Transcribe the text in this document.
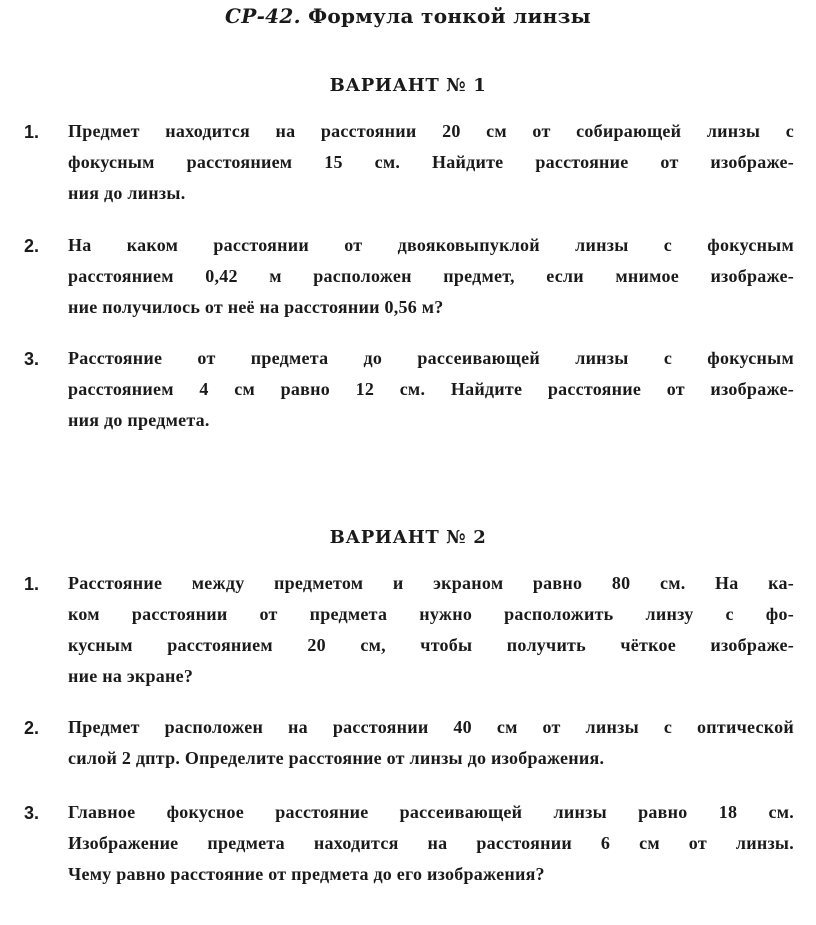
СР-42. Формула тонкой линзы
ВАРИАНТ № 1
1. Предмет находится на расстоянии 20 см от собирающей линзы с
фокусным расстоянием 15 см. Найдите расстояние от изображе-
ния до линзы.
2. На каком расстоянии от двояковыпуклой линзы с фокусным
расстоянием 0,42 м расположен предмет, если мнимое изображе-
ние получилось от неё на расстоянии 0,56 м?
3. Расстояние от предмета до рассеивающей линзы с фокусным
расстоянием 4 см равно 12 см. Найдите расстояние от изображе-
ния до предмета.
ВАРИАНТ № 2
1. Расстояние между предметом и экраном равно 80 см. На ка-
ком расстоянии от предмета нужно расположить линзу с фо-
кусным расстоянием 20 см, чтобы получить чёткое изображе-
ние на экране?
2. Предмет расположен на расстоянии 40 см от линзы с оптической
силой 2 дптр. Определите расстояние от линзы до изображения.
3. Главное фокусное расстояние рассеивающей линзы равно 18 см.
Изображение предмета находится на расстоянии 6 см от линзы.
Чему равно расстояние от предмета до его изображения?
